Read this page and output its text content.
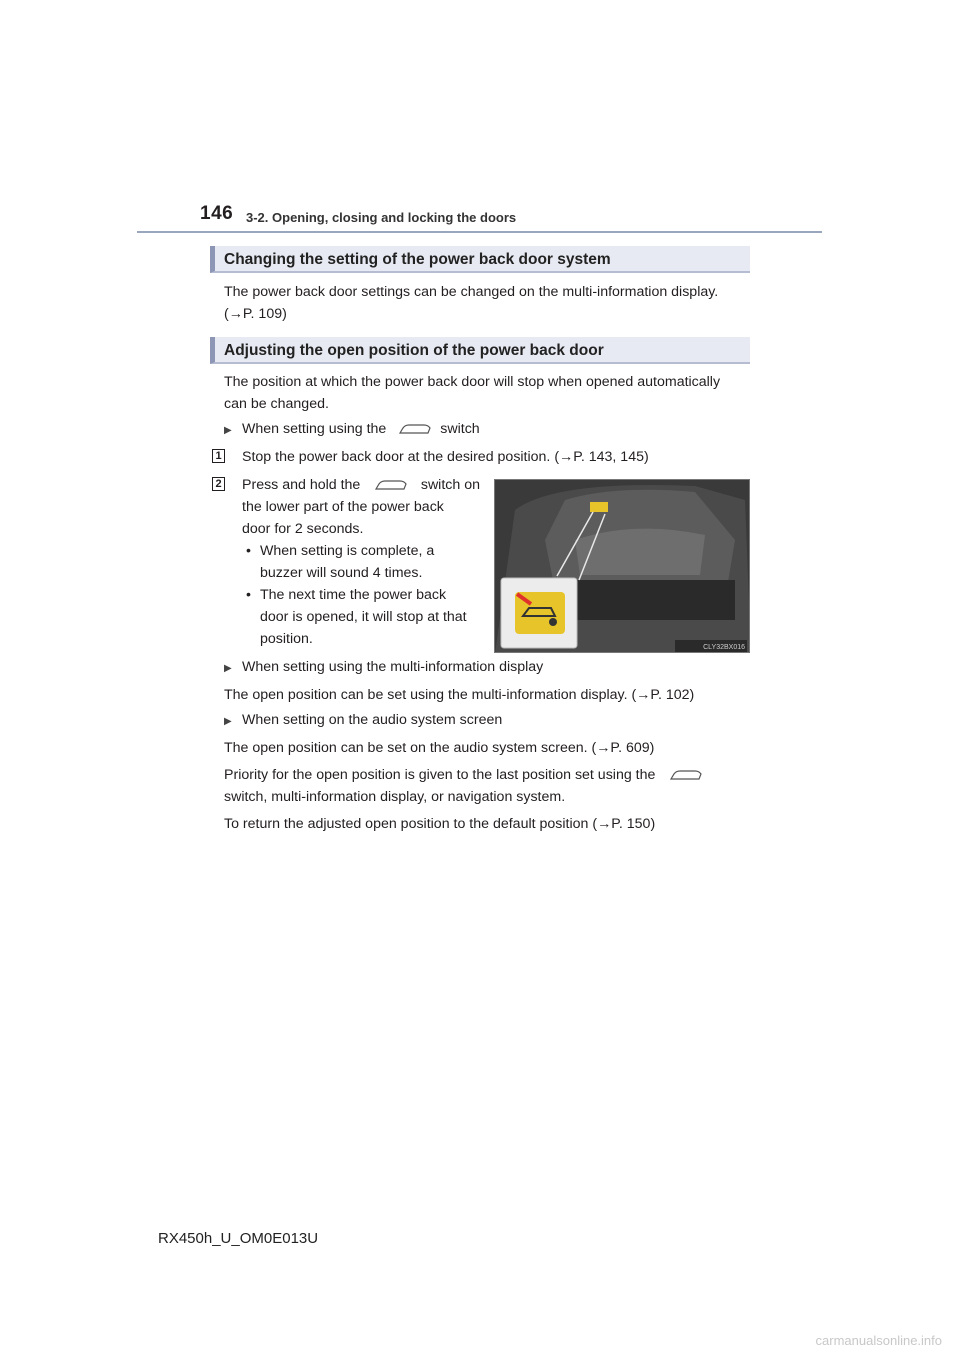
146 3-2. Opening, closing and locking the doors
Changing the setting of the power back door system
The power back door settings can be changed on the multi-information display.
(→P. 109)
Adjusting the open position of the power back door
The position at which the power back door will stop when opened automatically
can be changed.
▶ When setting using the	switch
1 Stop the power back door at the desired position. (→P. 143, 145)
2 Press and hold the	switch on
the lower part of the power back
door for 2 seconds.
• When setting is complete, a
buzzer will sound 4 times.
• The next time the power back
door is opened, it will stop at that
position.
CLY32BX016
▶ When setting using the multi-information display
The open position can be set using the multi-information display. (→P. 102)
▶ When setting on the audio system screen
The open position can be set on the audio system screen. (→P. 609)
Priority for the open position is given to the last position set using the
switch, multi-information display, or navigation system.
To return the adjusted open position to the default position (→P. 150)
RX450h_U_OM0E013U
carmanualsonline.info
